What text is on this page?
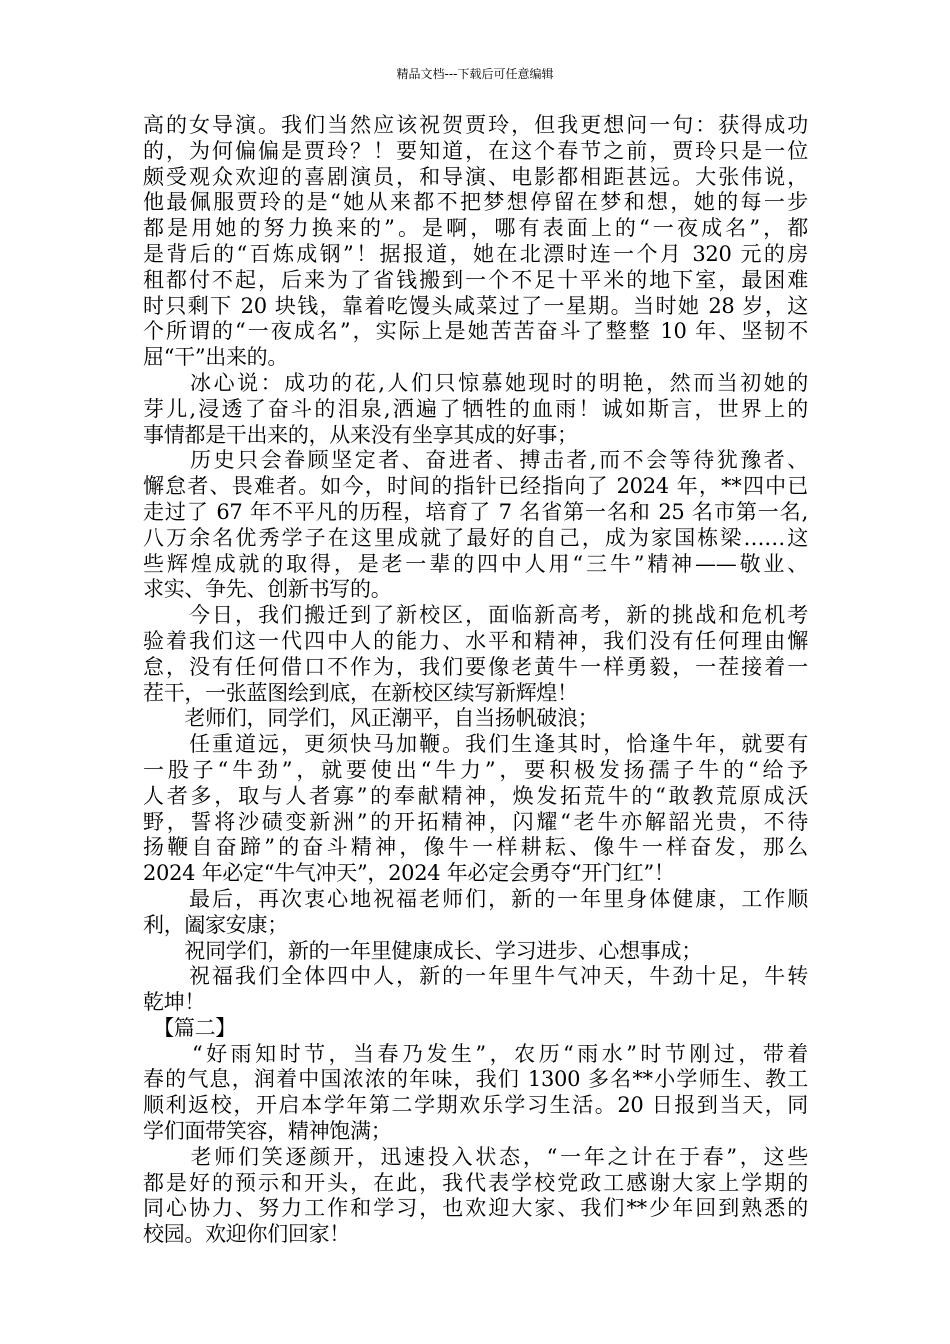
精品文档---下载后可任意编辑
高的女导演。我们当然应该祝贺贾玲，但我更想问一句：获得成功
的，为何偏偏是贾玲？！要知道，在这个春节之前，贾玲只是一位
颇受观众欢迎的喜剧演员，和导演、电影都相距甚远。大张伟说，
他最佩服贾玲的是“她从来都不把梦想停留在梦和想，她的每一步
都是用她的努力换来的”。是啊，哪有表面上的“一夜成名”，都
是背后的“百炼成钢”！据报道，她在北漂时连一个月 320 元的房
租都付不起，后来为了省钱搬到一个不足十平米的地下室，最困难
时只剩下 20 块钱，靠着吃馒头咸菜过了一星期。当时她 28 岁，这
个所谓的“一夜成名”，实际上是她苦苦奋斗了整整 10 年、坚韧不
屈“干”出来的。
　　冰心说：成功的花,人们只惊慕她现时的明艳，然而当初她的
芽儿,浸透了奋斗的泪泉,洒遍了牺牲的血雨！诚如斯言，世界上的
事情都是干出来的，从来没有坐享其成的好事；
　　历史只会眷顾坚定者、奋进者、搏击者,而不会等待犹豫者、
懈怠者、畏难者。如今，时间的指针已经指向了 2024 年，**四中已
走过了 67 年不平凡的历程，培育了 7 名省第一名和 25 名市第一名,
八万余名优秀学子在这里成就了最好的自己，成为家国栋梁……这
些辉煌成就的取得，是老一辈的四中人用“三牛”精神——敬业、
求实、争先、创新书写的。
　　今日，我们搬迁到了新校区，面临新高考，新的挑战和危机考
验着我们这一代四中人的能力、水平和精神，我们没有任何理由懈
怠，没有任何借口不作为，我们要像老黄牛一样勇毅，一茬接着一
茬干，一张蓝图绘到底，在新校区续写新辉煌！
　　老师们，同学们，风正潮平，自当扬帆破浪；
　　任重道远，更须快马加鞭。我们生逢其时，恰逢牛年，就要有
一股子“牛劲”，就要使出“牛力”，要积极发扬孺子牛的“给予
人者多，取与人者寡”的奉献精神，焕发拓荒牛的“敢教荒原成沃
野，誓将沙碛变新洲”的开拓精神，闪耀“老牛亦解韶光贵，不待
扬鞭自奋蹄”的奋斗精神，像牛一样耕耘、像牛一样奋发，那么
2024 年必定“牛气冲天”，2024 年必定会勇夺“开门红”！
　　最后，再次衷心地祝福老师们，新的一年里身体健康，工作顺
利，阖家安康；
　　祝同学们，新的一年里健康成长、学习进步、心想事成；
　　祝福我们全体四中人，新的一年里牛气冲天，牛劲十足，牛转
乾坤！
　【篇二】
　　“好雨知时节，当春乃发生”，农历“雨水”时节刚过，带着
春的气息，润着中国浓浓的年味，我们 1300 多名**小学师生、教工
顺利返校，开启本学年第二学期欢乐学习生活。20 日报到当天，同
学们面带笑容，精神饱满；
　　老师们笑逐颜开，迅速投入状态，“一年之计在于春”，这些
都是好的预示和开头，在此，我代表学校党政工感谢大家上学期的
同心协力、努力工作和学习，也欢迎大家、我们**少年回到熟悉的
校园。欢迎你们回家！
